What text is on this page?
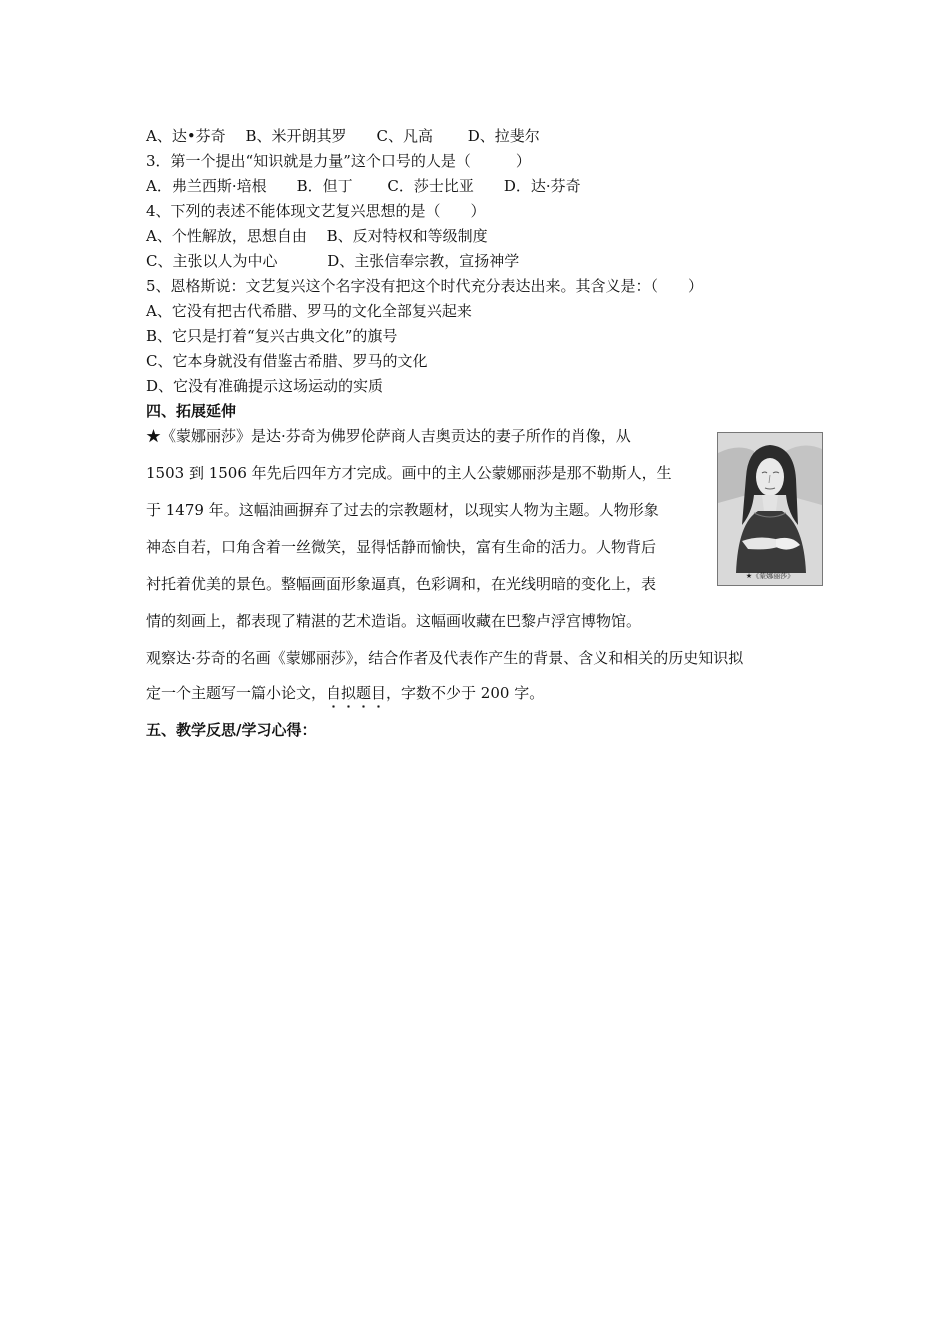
A、达•芬奇　 B、米开朗其罗　　C、凡高　　 D、拉斐尔
3．第一个提出“知识就是力量”这个口号的人是（　　　）
A．弗兰西斯·培根　　B．但丁　　 C．莎士比亚　　D．达·芬奇
4、下列的表述不能体现文艺复兴思想的是（　　）
A、个性解放，思想自由　 B、反对特权和等级制度
C、主张以人为中心　　　 D、主张信奉宗教，宣扬神学
5、恩格斯说：文艺复兴这个名字没有把这个时代充分表达出来。其含义是：（　　）
A、它没有把古代希腊、罗马的文化全部复兴起来
B、它只是打着“复兴古典文化”的旗号
C、它本身就没有借鉴古希腊、罗马的文化
D、它没有准确提示这场运动的实质
四、拓展延伸
★《蒙娜丽莎》是达·芬奇为佛罗伦萨商人吉奥贡达的妻子所作的肖像，从
1503 到 1506 年先后四年方才完成。画中的主人公蒙娜丽莎是那不勒斯人，生
于 1479 年。这幅油画摒弃了过去的宗教题材，以现实人物为主题。人物形象
神态自若，口角含着一丝微笑，显得恬静而愉快，富有生命的活力。人物背后
衬托着优美的景色。整幅画面形象逼真，色彩调和，在光线明暗的变化上，表
情的刻画上，都表现了精湛的艺术造诣。这幅画收藏在巴黎卢浮宫博物馆。
观察达·芬奇的名画《蒙娜丽莎》，结合作者及代表作产生的背景、含义和相关的历史知识拟
定一个主题写一篇小论文，自拟题目，字数不少于 200 字。
五、教学反思/学习心得：
★《蒙娜丽莎》
